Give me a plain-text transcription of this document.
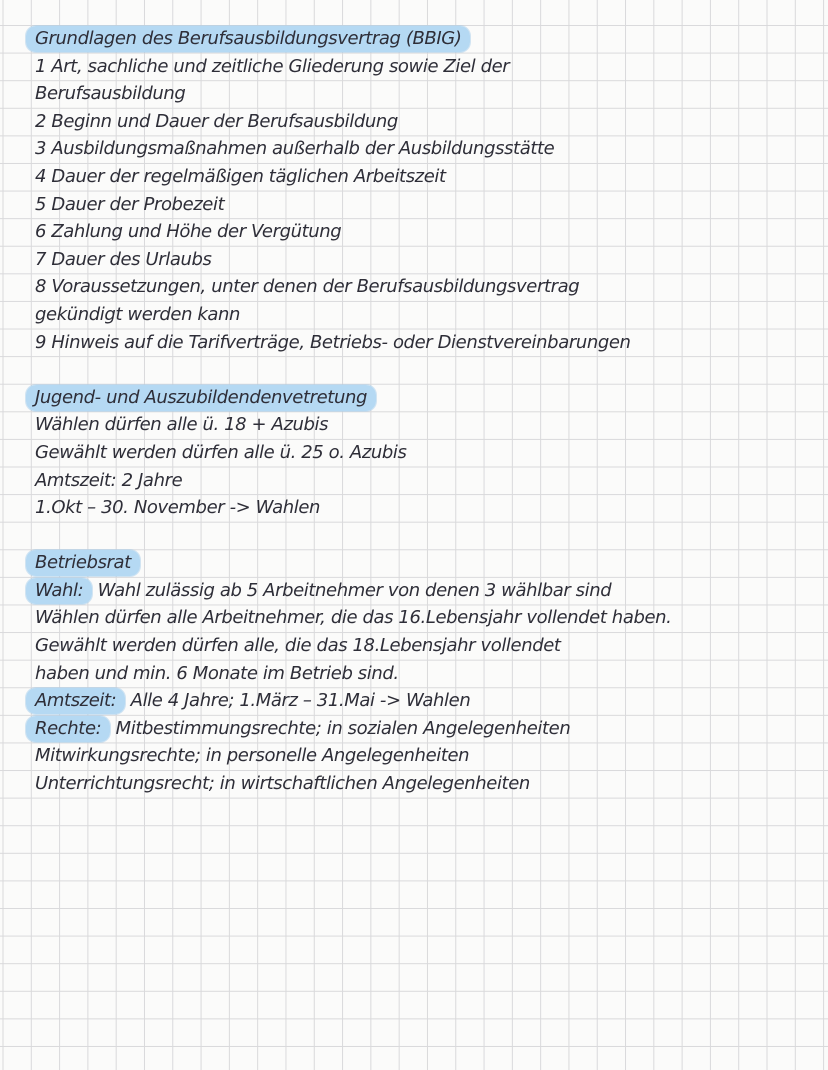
Grundlagen des Berufsausbildungsvertrag (BBIG)
1 Art, sachliche und zeitliche Gliederung sowie Ziel der
Berufsausbildung
2 Beginn und Dauer der Berufsausbildung
3 Ausbildungsmaßnahmen außerhalb der Ausbildungsstätte
4 Dauer der regelmäßigen täglichen Arbeitszeit
5 Dauer der Probezeit
6 Zahlung und Höhe der Vergütung
7 Dauer des Urlaubs
8 Voraussetzungen, unter denen der Berufsausbildungsvertrag
gekündigt werden kann
9 Hinweis auf die Tarifverträge, Betriebs- oder Dienstvereinbarungen
Jugend- und Auszubildendenvetretung
Wählen dürfen alle ü. 18 + Azubis
Gewählt werden dürfen alle ü. 25 o. Azubis
Amtszeit: 2 Jahre
1.Okt – 30. November -> Wahlen
Betriebsrat
Wahl: Wahl zulässig ab 5 Arbeitnehmer von denen 3 wählbar sind
Wählen dürfen alle Arbeitnehmer, die das 16.Lebensjahr vollendet haben.
Gewählt werden dürfen alle, die das 18.Lebensjahr vollendet
haben und min. 6 Monate im Betrieb sind.
Amtszeit: Alle 4 Jahre; 1.März – 31.Mai -> Wahlen
Rechte: Mitbestimmungsrechte; in sozialen Angelegenheiten
Mitwirkungsrechte; in personelle Angelegenheiten
Unterrichtungsrecht; in wirtschaftlichen Angelegenheiten
